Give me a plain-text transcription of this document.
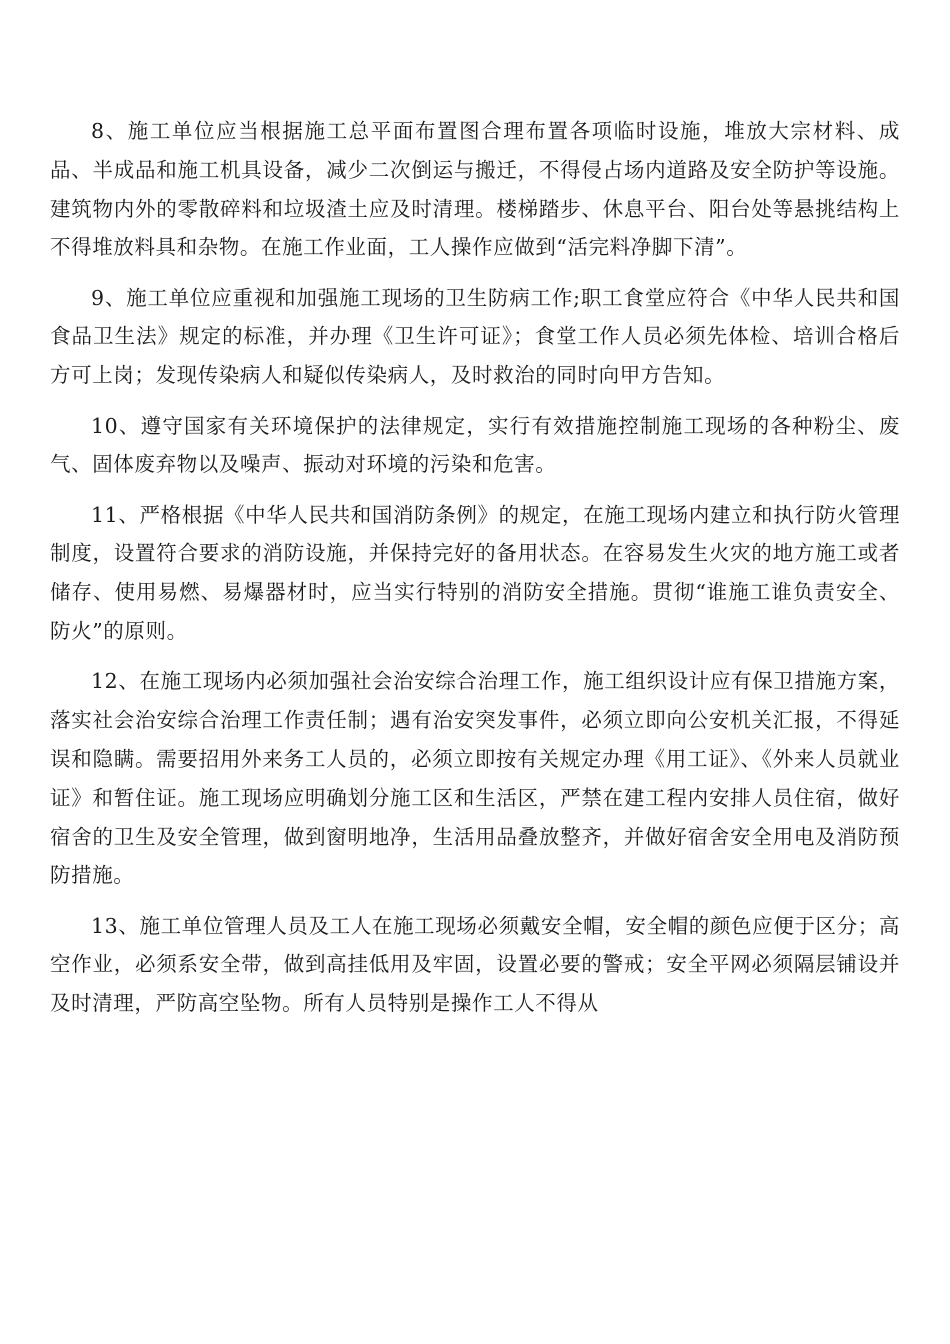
8、施工单位应当根据施工总平面布置图合理布置各项临时设施，堆放大宗材料、成品、半成品和施工机具设备，减少二次倒运与搬迁，不得侵占场内道路及安全防护等设施。建筑物内外的零散碎料和垃圾渣土应及时清理。楼梯踏步、休息平台、阳台处等悬挑结构上不得堆放料具和杂物。在施工作业面，工人操作应做到“活完料净脚下清”。

9、施工单位应重视和加强施工现场的卫生防病工作;职工食堂应符合《中华人民共和国食品卫生法》规定的标准，并办理《卫生许可证》；食堂工作人员必须先体检、培训合格后方可上岗；发现传染病人和疑似传染病人，及时救治的同时向甲方告知。

10、遵守国家有关环境保护的法律规定，实行有效措施控制施工现场的各种粉尘、废气、固体废弃物以及噪声、振动对环境的污染和危害。

11、严格根据《中华人民共和国消防条例》的规定，在施工现场内建立和执行防火管理制度，设置符合要求的消防设施，并保持完好的备用状态。在容易发生火灾的地方施工或者储存、使用易燃、易爆器材时，应当实行特别的消防安全措施。贯彻“谁施工谁负责安全、防火”的原则。

12、在施工现场内必须加强社会治安综合治理工作，施工组织设计应有保卫措施方案，落实社会治安综合治理工作责任制；遇有治安突发事件，必须立即向公安机关汇报，不得延误和隐瞒。需要招用外来务工人员的，必须立即按有关规定办理《用工证》、《外来人员就业证》和暂住证。施工现场应明确划分施工区和生活区，严禁在建工程内安排人员住宿，做好宿舍的卫生及安全管理，做到窗明地净，生活用品叠放整齐，并做好宿舍安全用电及消防预防措施。

13、施工单位管理人员及工人在施工现场必须戴安全帽，安全帽的颜色应便于区分；高空作业，必须系安全带，做到高挂低用及牢固，设置必要的警戒；安全平网必须隔层铺设并及时清理，严防高空坠物。所有人员特别是操作工人不得从
